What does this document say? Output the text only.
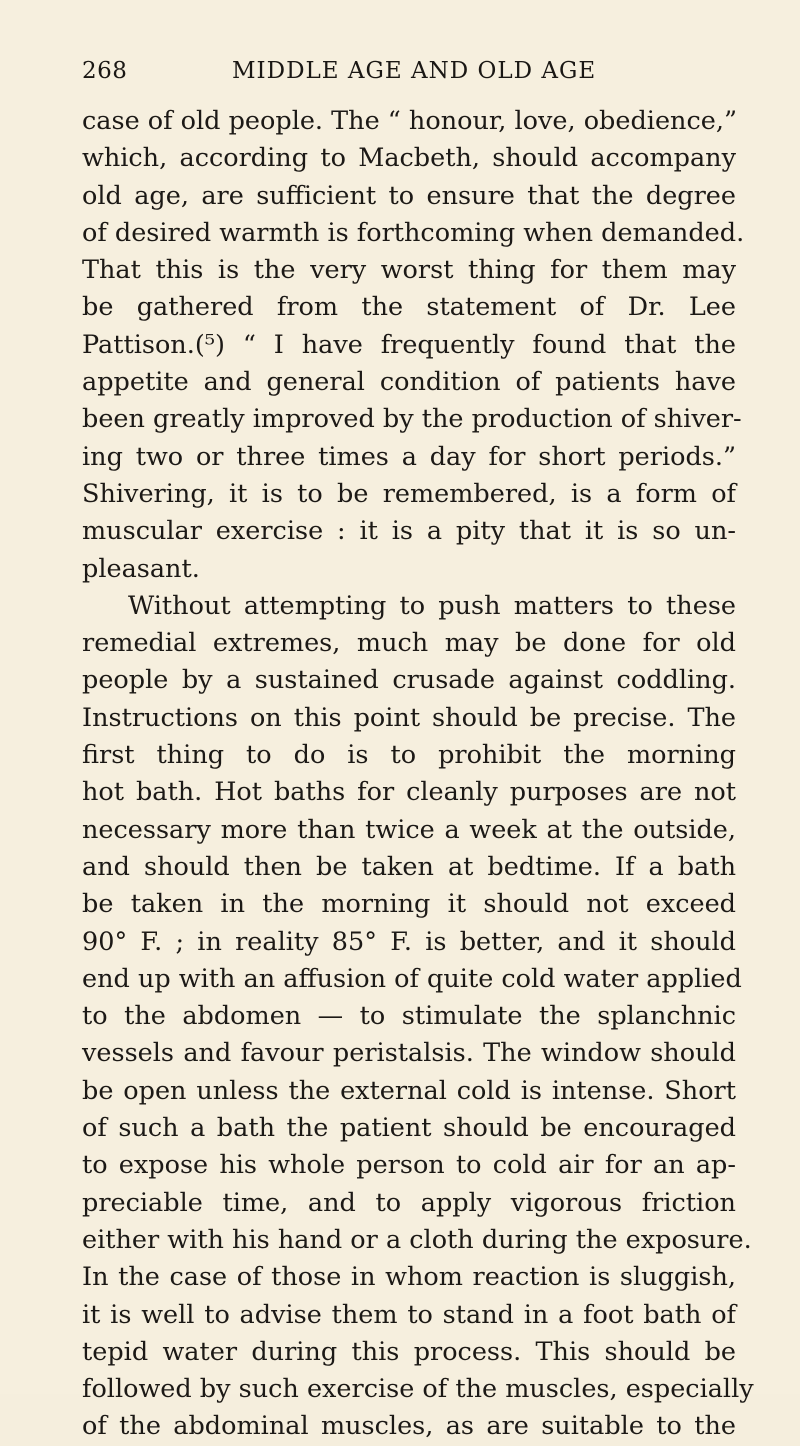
268	MIDDLE AGE AND OLD AGE
case of old people. The “ honour, love, obedience,”
which, according to Macbeth, should accompany
old age, are sufficient to ensure that the degree
of desired warmth is forthcoming when demanded.
That this is the very worst thing for them may
be gathered from the statement of Dr. Lee
Pattison.(⁵) “ I have frequently found that the
appetite and general condition of patients have
been greatly improved by the production of shiver-
ing two or three times a day for short periods.”
Shivering, it is to be remembered, is a form of
muscular exercise : it is a pity that it is so un-
pleasant.
Without attempting to push matters to these
remedial extremes, much may be done for old
people by a sustained crusade against coddling.
Instructions on this point should be precise. The
first thing to do is to prohibit the morning
hot bath. Hot baths for cleanly purposes are not
necessary more than twice a week at the outside,
and should then be taken at bedtime. If a bath
be taken in the morning it should not exceed
90° F. ; in reality 85° F. is better, and it should
end up with an affusion of quite cold water applied
to the abdomen — to stimulate the splanchnic
vessels and favour peristalsis. The window should
be open unless the external cold is intense. Short
of such a bath the patient should be encouraged
to expose his whole person to cold air for an ap-
preciable time, and to apply vigorous friction
either with his hand or a cloth during the exposure.
In the case of those in whom reaction is sluggish,
it is well to advise them to stand in a foot bath of
tepid water during this process. This should be
followed by such exercise of the muscles, especially
of the abdominal muscles, as are suitable to the
